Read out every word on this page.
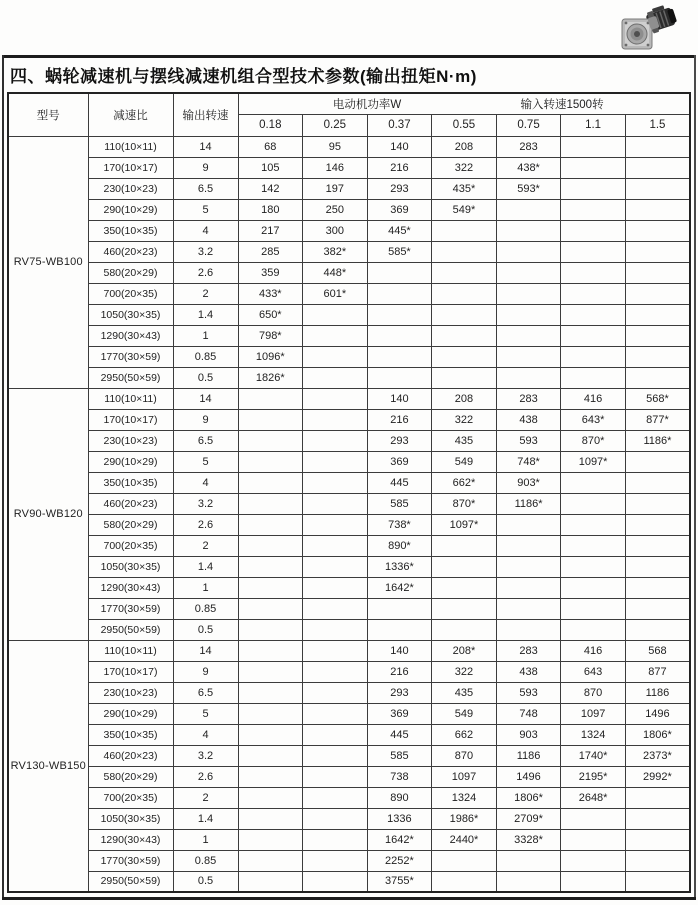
四、蜗轮减速机与摆线减速机组合型技术参数(输出扭矩N·m)
型号	减速比	输出转速	电动机功率W 输入转速1500转						
			0.18	0.25	0.37	0.55	0.75	1.1	1.5
RV75-WB100	110(10×11)	14	68	95	140	208	283		
	170(10×17)	9	105	146	216	322	438*		
	230(10×23)	6.5	142	197	293	435*	593*		
	290(10×29)	5	180	250	369	549*			
	350(10×35)	4	217	300	445*				
	460(20×23)	3.2	285	382*	585*				
	580(20×29)	2.6	359	448*					
	700(20×35)	2	433*	601*					
	1050(30×35)	1.4	650*						
	1290(30×43)	1	798*						
	1770(30×59)	0.85	1096*						
	2950(50×59)	0.5	1826*						
RV90-WB120	110(10×11)	14			140	208	283	416	568*
	170(10×17)	9			216	322	438	643*	877*
	230(10×23)	6.5			293	435	593	870*	1186*
	290(10×29)	5			369	549	748*	1097*	
	350(10×35)	4			445	662*	903*		
	460(20×23)	3.2			585	870*	1186*		
	580(20×29)	2.6			738*	1097*			
	700(20×35)	2			890*				
	1050(30×35)	1.4			1336*				
	1290(30×43)	1			1642*				
	1770(30×59)	0.85							
	2950(50×59)	0.5							
RV130-WB150	110(10×11)	14			140	208*	283	416	568
	170(10×17)	9			216	322	438	643	877
	230(10×23)	6.5			293	435	593	870	1186
	290(10×29)	5			369	549	748	1097	1496
	350(10×35)	4			445	662	903	1324	1806*
	460(20×23)	3.2			585	870	1186	1740*	2373*
	580(20×29)	2.6			738	1097	1496	2195*	2992*
	700(20×35)	2			890	1324	1806*	2648*	
	1050(30×35)	1.4			1336	1986*	2709*		
	1290(30×43)	1			1642*	2440*	3328*		
	1770(30×59)	0.85			2252*				
	2950(50×59)	0.5			3755*				
